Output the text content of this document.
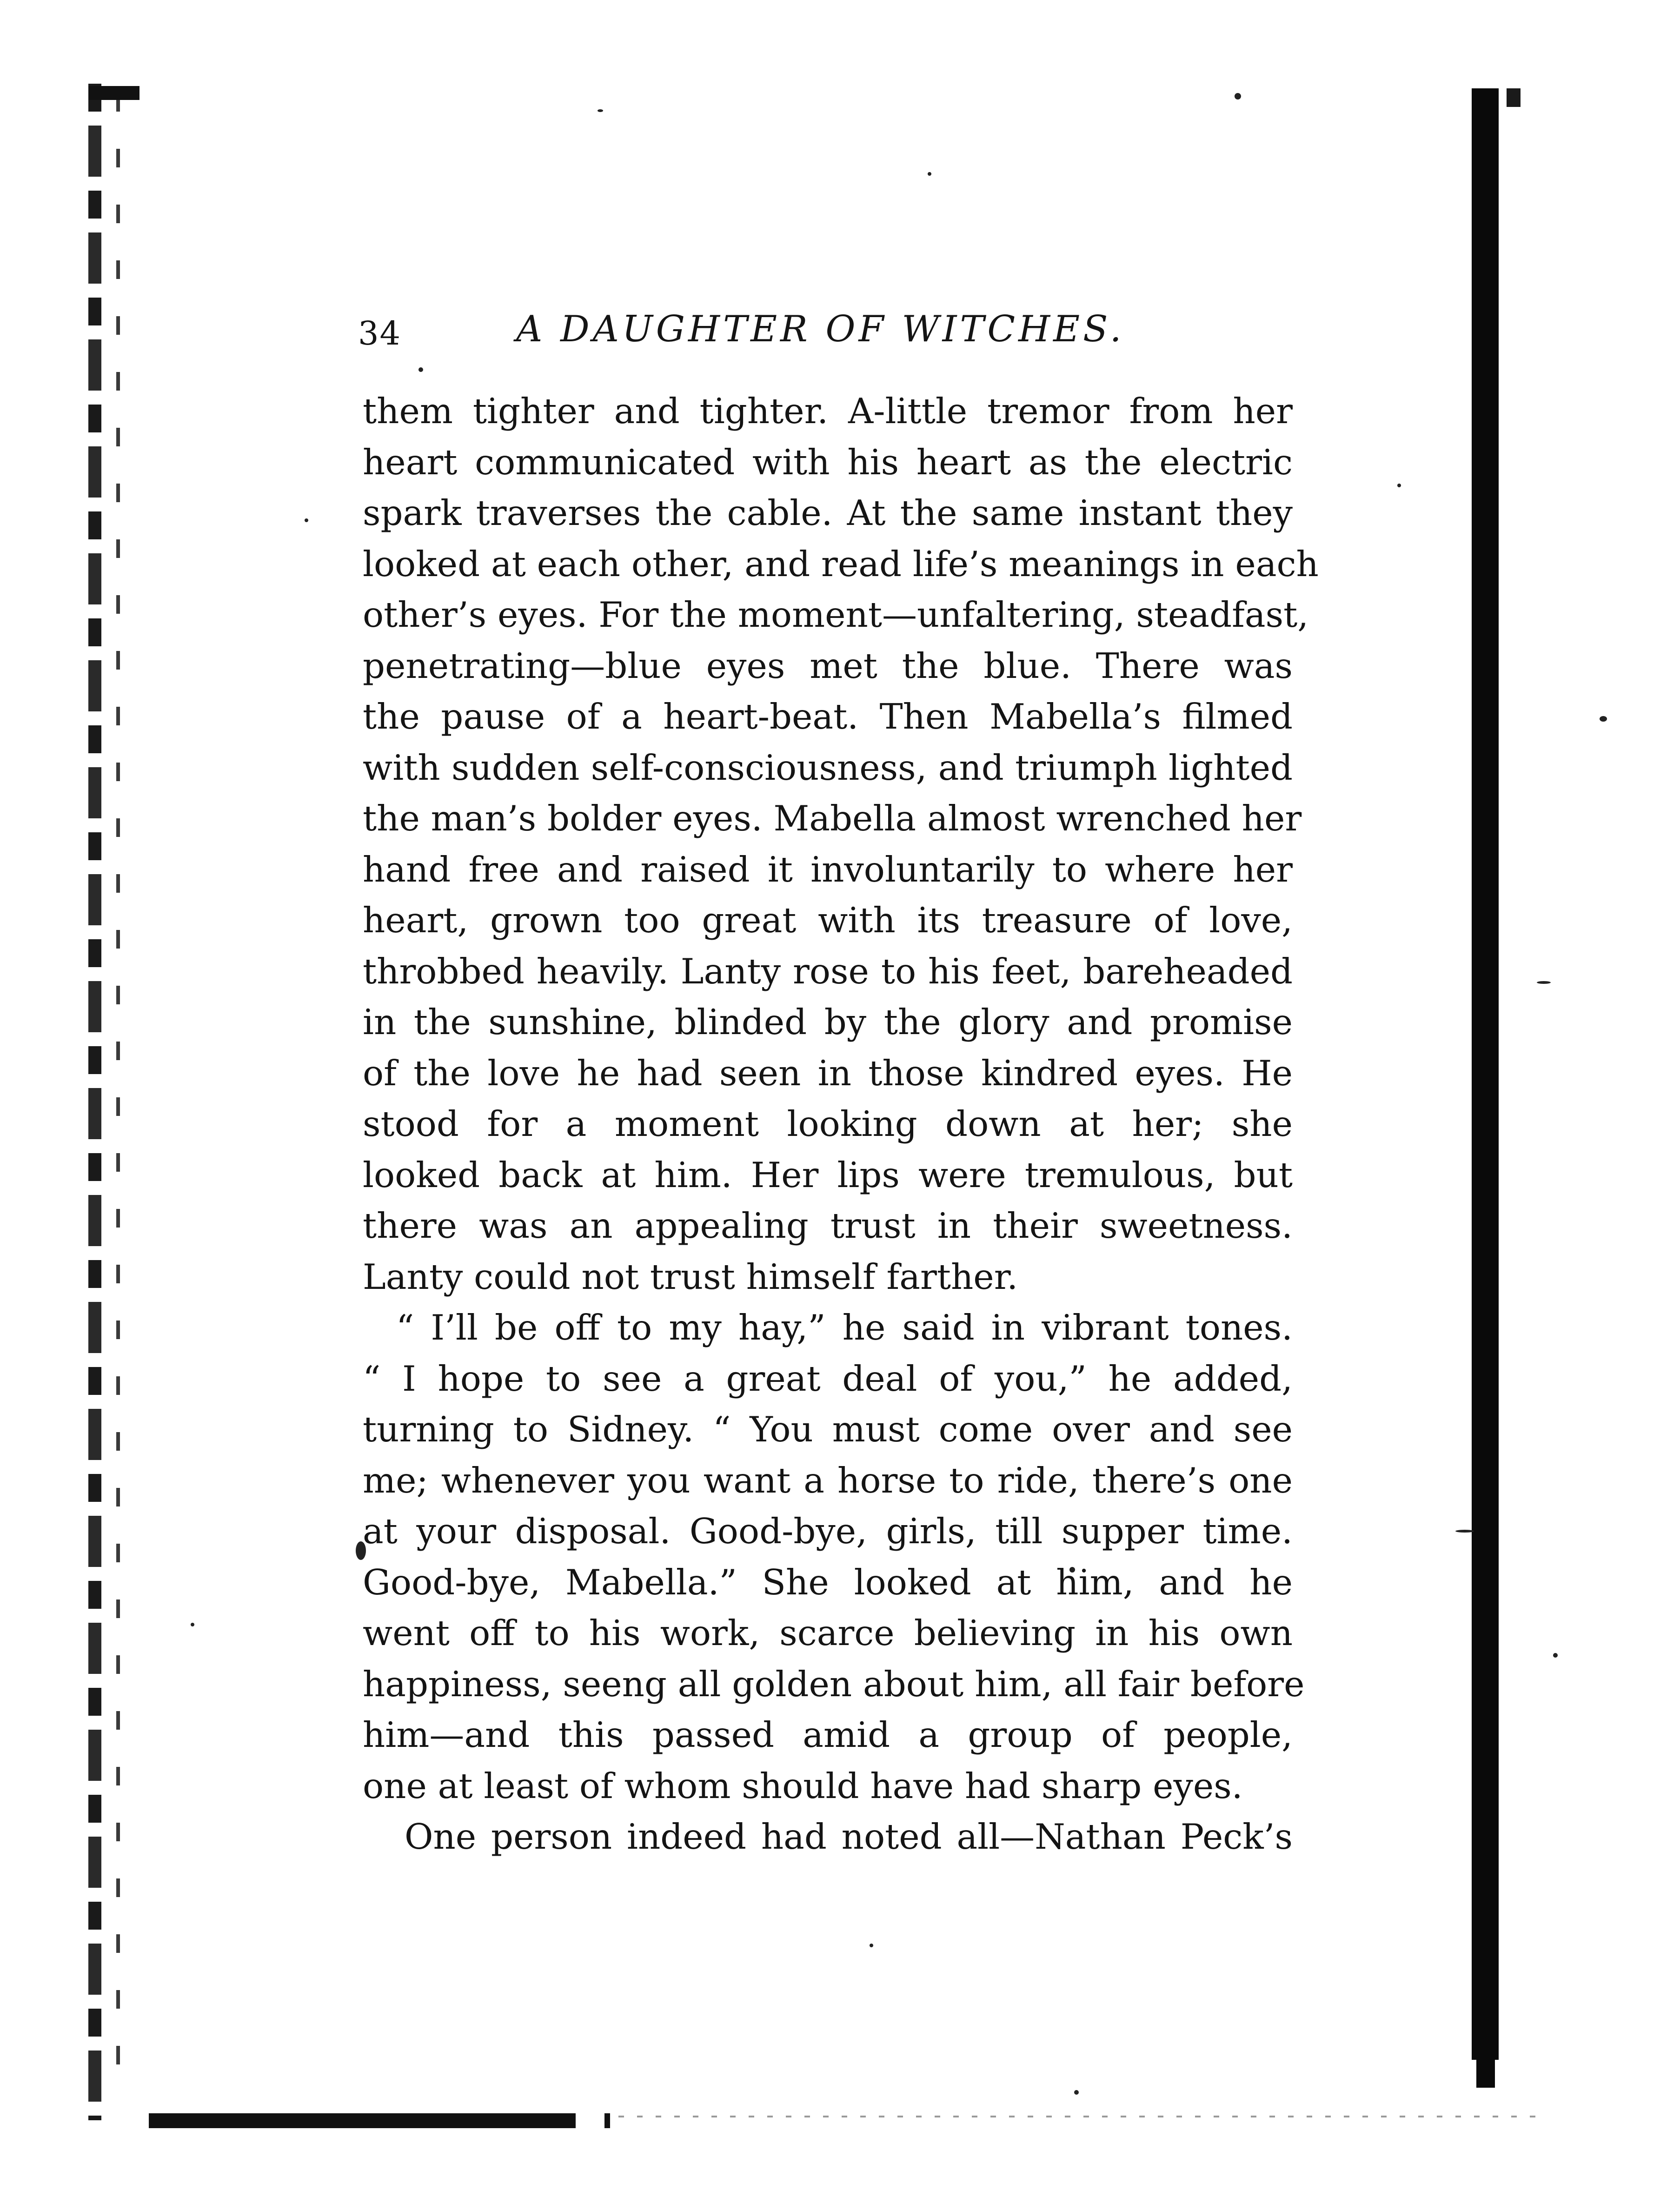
34	A DAUGHTER OF WITCHES.
them tighter and tighter. A-little tremor from her
heart communicated with his heart as the electric
spark traverses the cable. At the same instant they
looked at each other, and read life’s meanings in each
other’s eyes. For the moment—unfaltering, steadfast,
penetrating—blue eyes met the blue. There was
the pause of a heart-beat. Then Mabella’s filmed
with sudden self-consciousness, and triumph lighted
the man’s bolder eyes. Mabella almost wrenched her
hand free and raised it involuntarily to where her
heart, grown too great with its treasure of love,
throbbed heavily. Lanty rose to his feet, bareheaded
in the sunshine, blinded by the glory and promise
of the love he had seen in those kindred eyes. He
stood for a moment looking down at her; she
looked back at him. Her lips were tremulous, but
there was an appealing trust in their sweetness.
Lanty could not trust himself farther.
“ I’ll be off to my hay,” he said in vibrant tones.
“ I hope to see a great deal of you,” he added,
turning to Sidney. “ You must come over and see
me; whenever you want a horse to ride, there’s one
at your disposal. Good-bye, girls, till supper time.
Good-bye, Mabella.” She looked at him, and he
went off to his work, scarce believing in his own
happiness, seeng all golden about him, all fair before
him—and this passed amid a group of people,
one at least of whom should have had sharp eyes.
One person indeed had noted all—Nathan Peck’s
